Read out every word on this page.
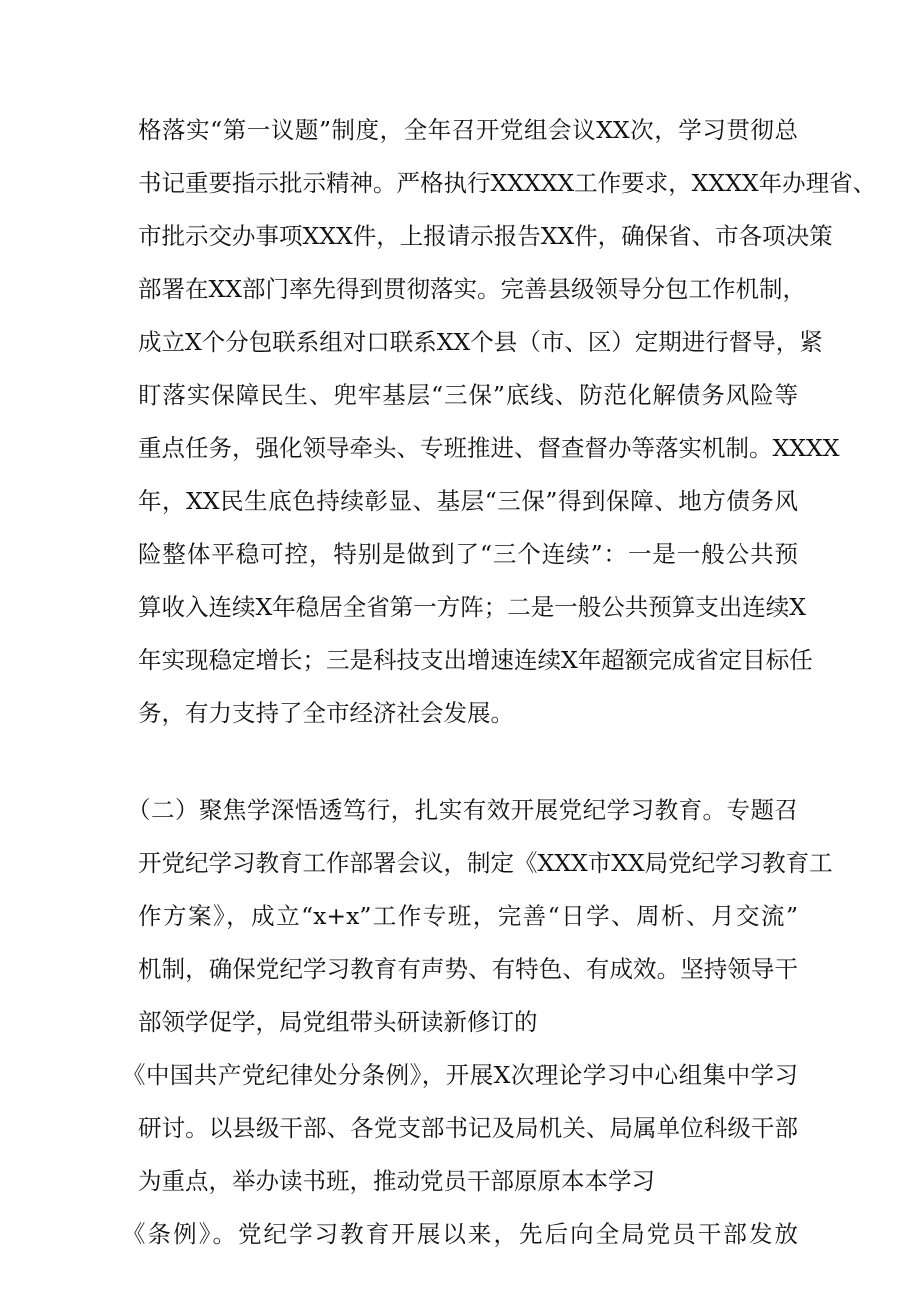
格落实“第一议题”制度，全年召开党组会议XX次，学习贯彻总
书记重要指示批示精神。严格执行XXXXX工作要求，XXXX年办理省、
市批示交办事项XXX件，上报请示报告XX件，确保省、市各项决策
部署在XX部门率先得到贯彻落实。完善县级领导分包工作机制，
成立X个分包联系组对口联系XX个县（市、区）定期进行督导，紧
盯落实保障民生、兜牢基层“三保”底线、防范化解债务风险等
重点任务，强化领导牵头、专班推进、督查督办等落实机制。XXXX
年，XX民生底色持续彰显、基层“三保”得到保障、地方债务风
险整体平稳可控，特别是做到了“三个连续”：一是一般公共预
算收入连续X年稳居全省第一方阵；二是一般公共预算支出连续X
年实现稳定增长；三是科技支出增速连续X年超额完成省定目标任
务，有力支持了全市经济社会发展。
（二）聚焦学深悟透笃行，扎实有效开展党纪学习教育。专题召
开党纪学习教育工作部署会议，制定《XXX市XX局党纪学习教育工
作方案》，成立“x+x”工作专班，完善“日学、周析、月交流”
机制，确保党纪学习教育有声势、有特色、有成效。坚持领导干
部领学促学，局党组带头研读新修订的
《中国共产党纪律处分条例》，开展X次理论学习中心组集中学习
研讨。以县级干部、各党支部书记及局机关、局属单位科级干部
为重点，举办读书班，推动党员干部原原本本学习
《条例》。党纪学习教育开展以来，先后向全局党员干部发放
